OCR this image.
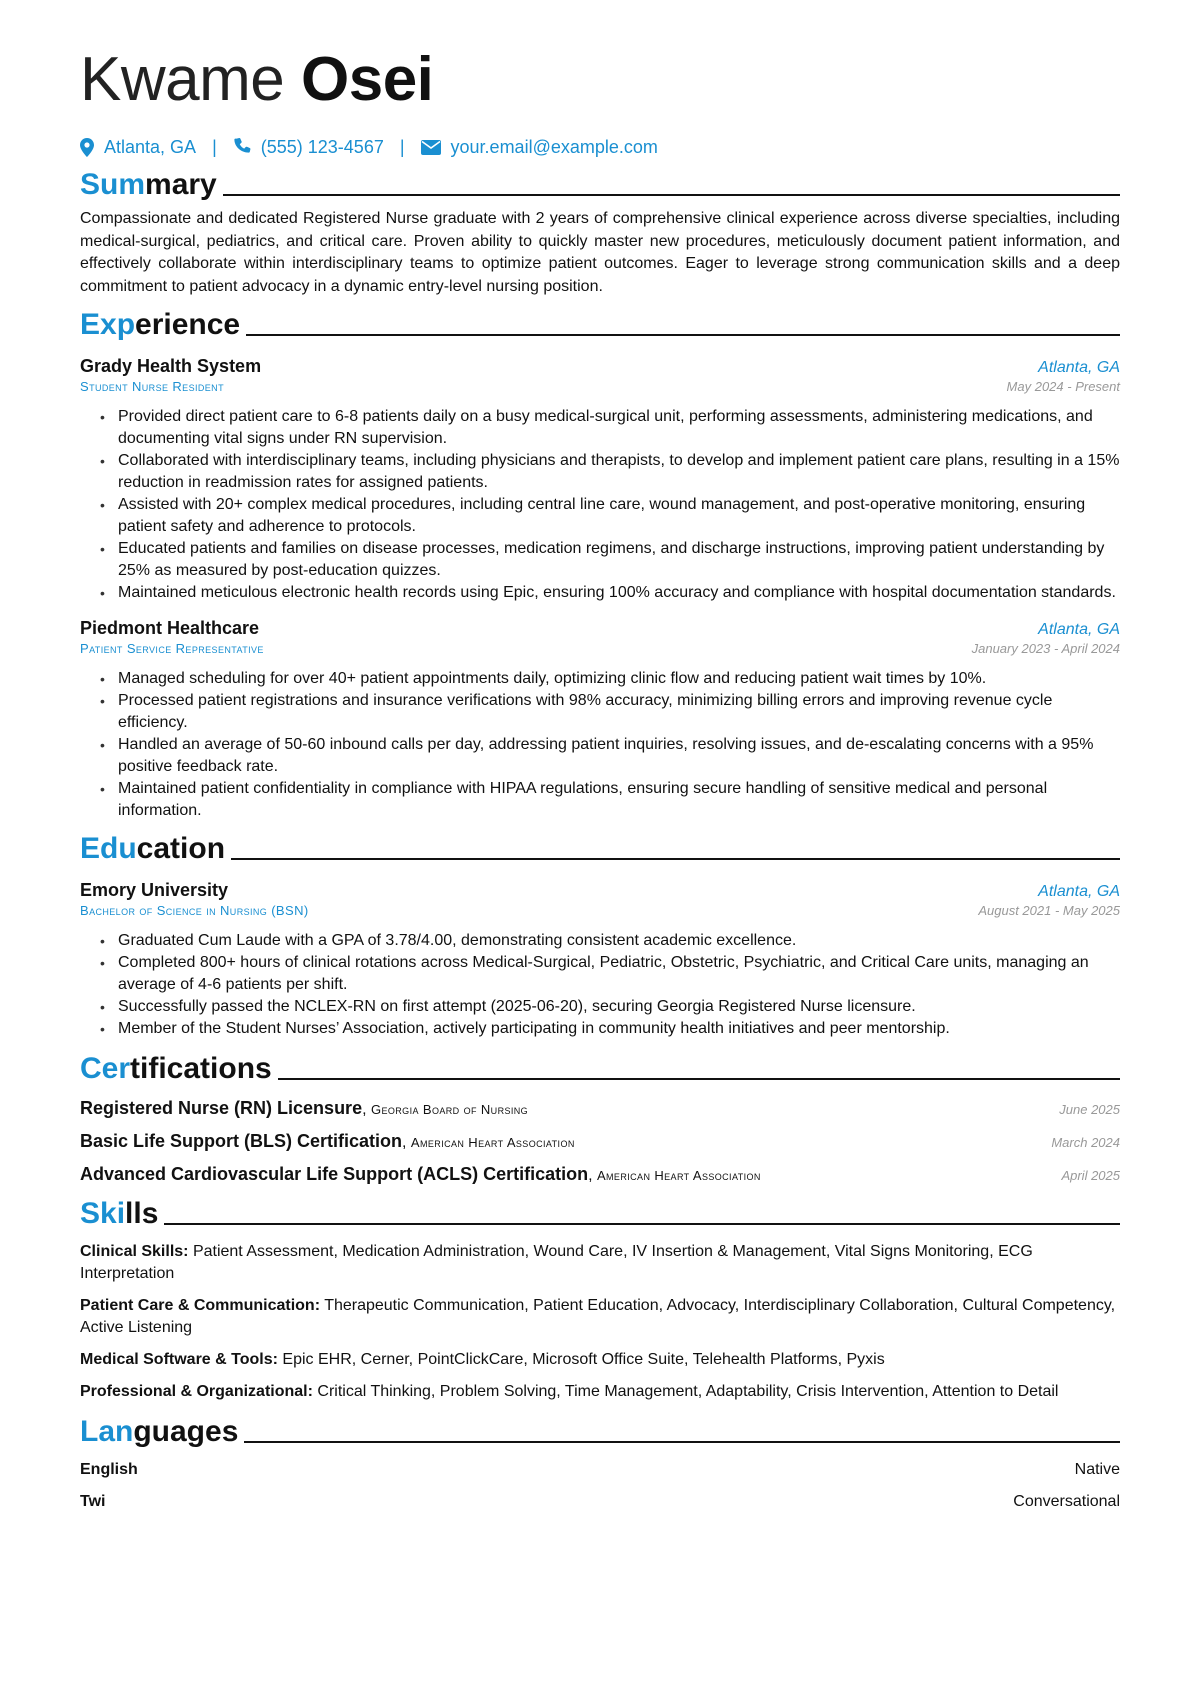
Kwame Osei
Atlanta, GA | (555) 123-4567 |	your.email@example.com
Sum mary

Compassionate and dedicated Registered Nurse graduate with 2 years of comprehensive clinical experience across diverse specialties, including medical-surgical, pediatrics, and critical care. Proven ability to quickly master new procedures, meticulously document patient information, and effectively collaborate within interdisciplinary teams to optimize patient outcomes. Eager to leverage strong communication skills and a deep commitment to patient advocacy in a dynamic entry-level nursing position.

Exp erience
Grady Health System	Atlanta, GA
Student Nurse Resident	May 2024 - Present
• Provided direct patient care to 6-8 patients daily on a busy medical-surgical unit, performing assessments, administering medications, and documenting vital signs under RN supervision.
• Collaborated with interdisciplinary teams, including physicians and therapists, to develop and implement patient care plans, resulting in a 15% reduction in readmission rates for assigned patients.
• Assisted with 20+ complex medical procedures, including central line care, wound management, and post-operative monitoring, ensuring patient safety and adherence to protocols.
• Educated patients and families on disease processes, medication regimens, and discharge instructions, improving patient understanding by 25% as measured by post-education quizzes.
• Maintained meticulous electronic health records using Epic, ensuring 100% accuracy and compliance with hospital documentation standards.
Piedmont Healthcare	Atlanta, GA
Patient Service Representative	January 2023 - April 2024
• Managed scheduling for over 40+ patient appointments daily, optimizing clinic flow and reducing patient wait times by 10%.
• Processed patient registrations and insurance verifications with 98% accuracy, minimizing billing errors and improving revenue cycle efficiency.
• Handled an average of 50-60 inbound calls per day, addressing patient inquiries, resolving issues, and de-escalating concerns with a 95% positive feedback rate.
• Maintained patient confidentiality in compliance with HIPAA regulations, ensuring secure handling of sensitive medical and personal information.
Edu cation
Emory University	Atlanta, GA
Bachelor of Science in Nursing (BSN)	August 2021 - May 2025
• Graduated Cum Laude with a GPA of 3.78/4.00, demonstrating consistent academic excellence.
• Completed 800+ hours of clinical rotations across Medical-Surgical, Pediatric, Obstetric, Psychiatric, and Critical Care units, managing an average of 4-6 patients per shift.
• Successfully passed the NCLEX-RN on first attempt (2025-06-20), securing Georgia Registered Nurse licensure.
• Member of the Student Nurses’ Association, actively participating in community health initiatives and peer mentorship.
Cer tifications
Registered Nurse (RN) Licensure, Georgia Board of Nursing	June 2025
Basic Life Support (BLS) Certification, American Heart Association	March 2024
Advanced Cardiovascular Life Support (ACLS) Certification, American Heart Association	April 2025
Ski lls
Clinical Skills: Patient Assessment, Medication Administration, Wound Care, IV Insertion & Management, Vital Signs Monitoring, ECG Interpretation
Patient Care & Communication: Therapeutic Communication, Patient Education, Advocacy, Interdisciplinary Collaboration, Cultural Competency, Active Listening
Medical Software & Tools: Epic EHR, Cerner, PointClickCare, Microsoft Office Suite, Telehealth Platforms, Pyxis
Professional & Organizational: Critical Thinking, Problem Solving, Time Management, Adaptability, Crisis Intervention, Attention to Detail
Lan guages
English	Native
Twi	Conversational
